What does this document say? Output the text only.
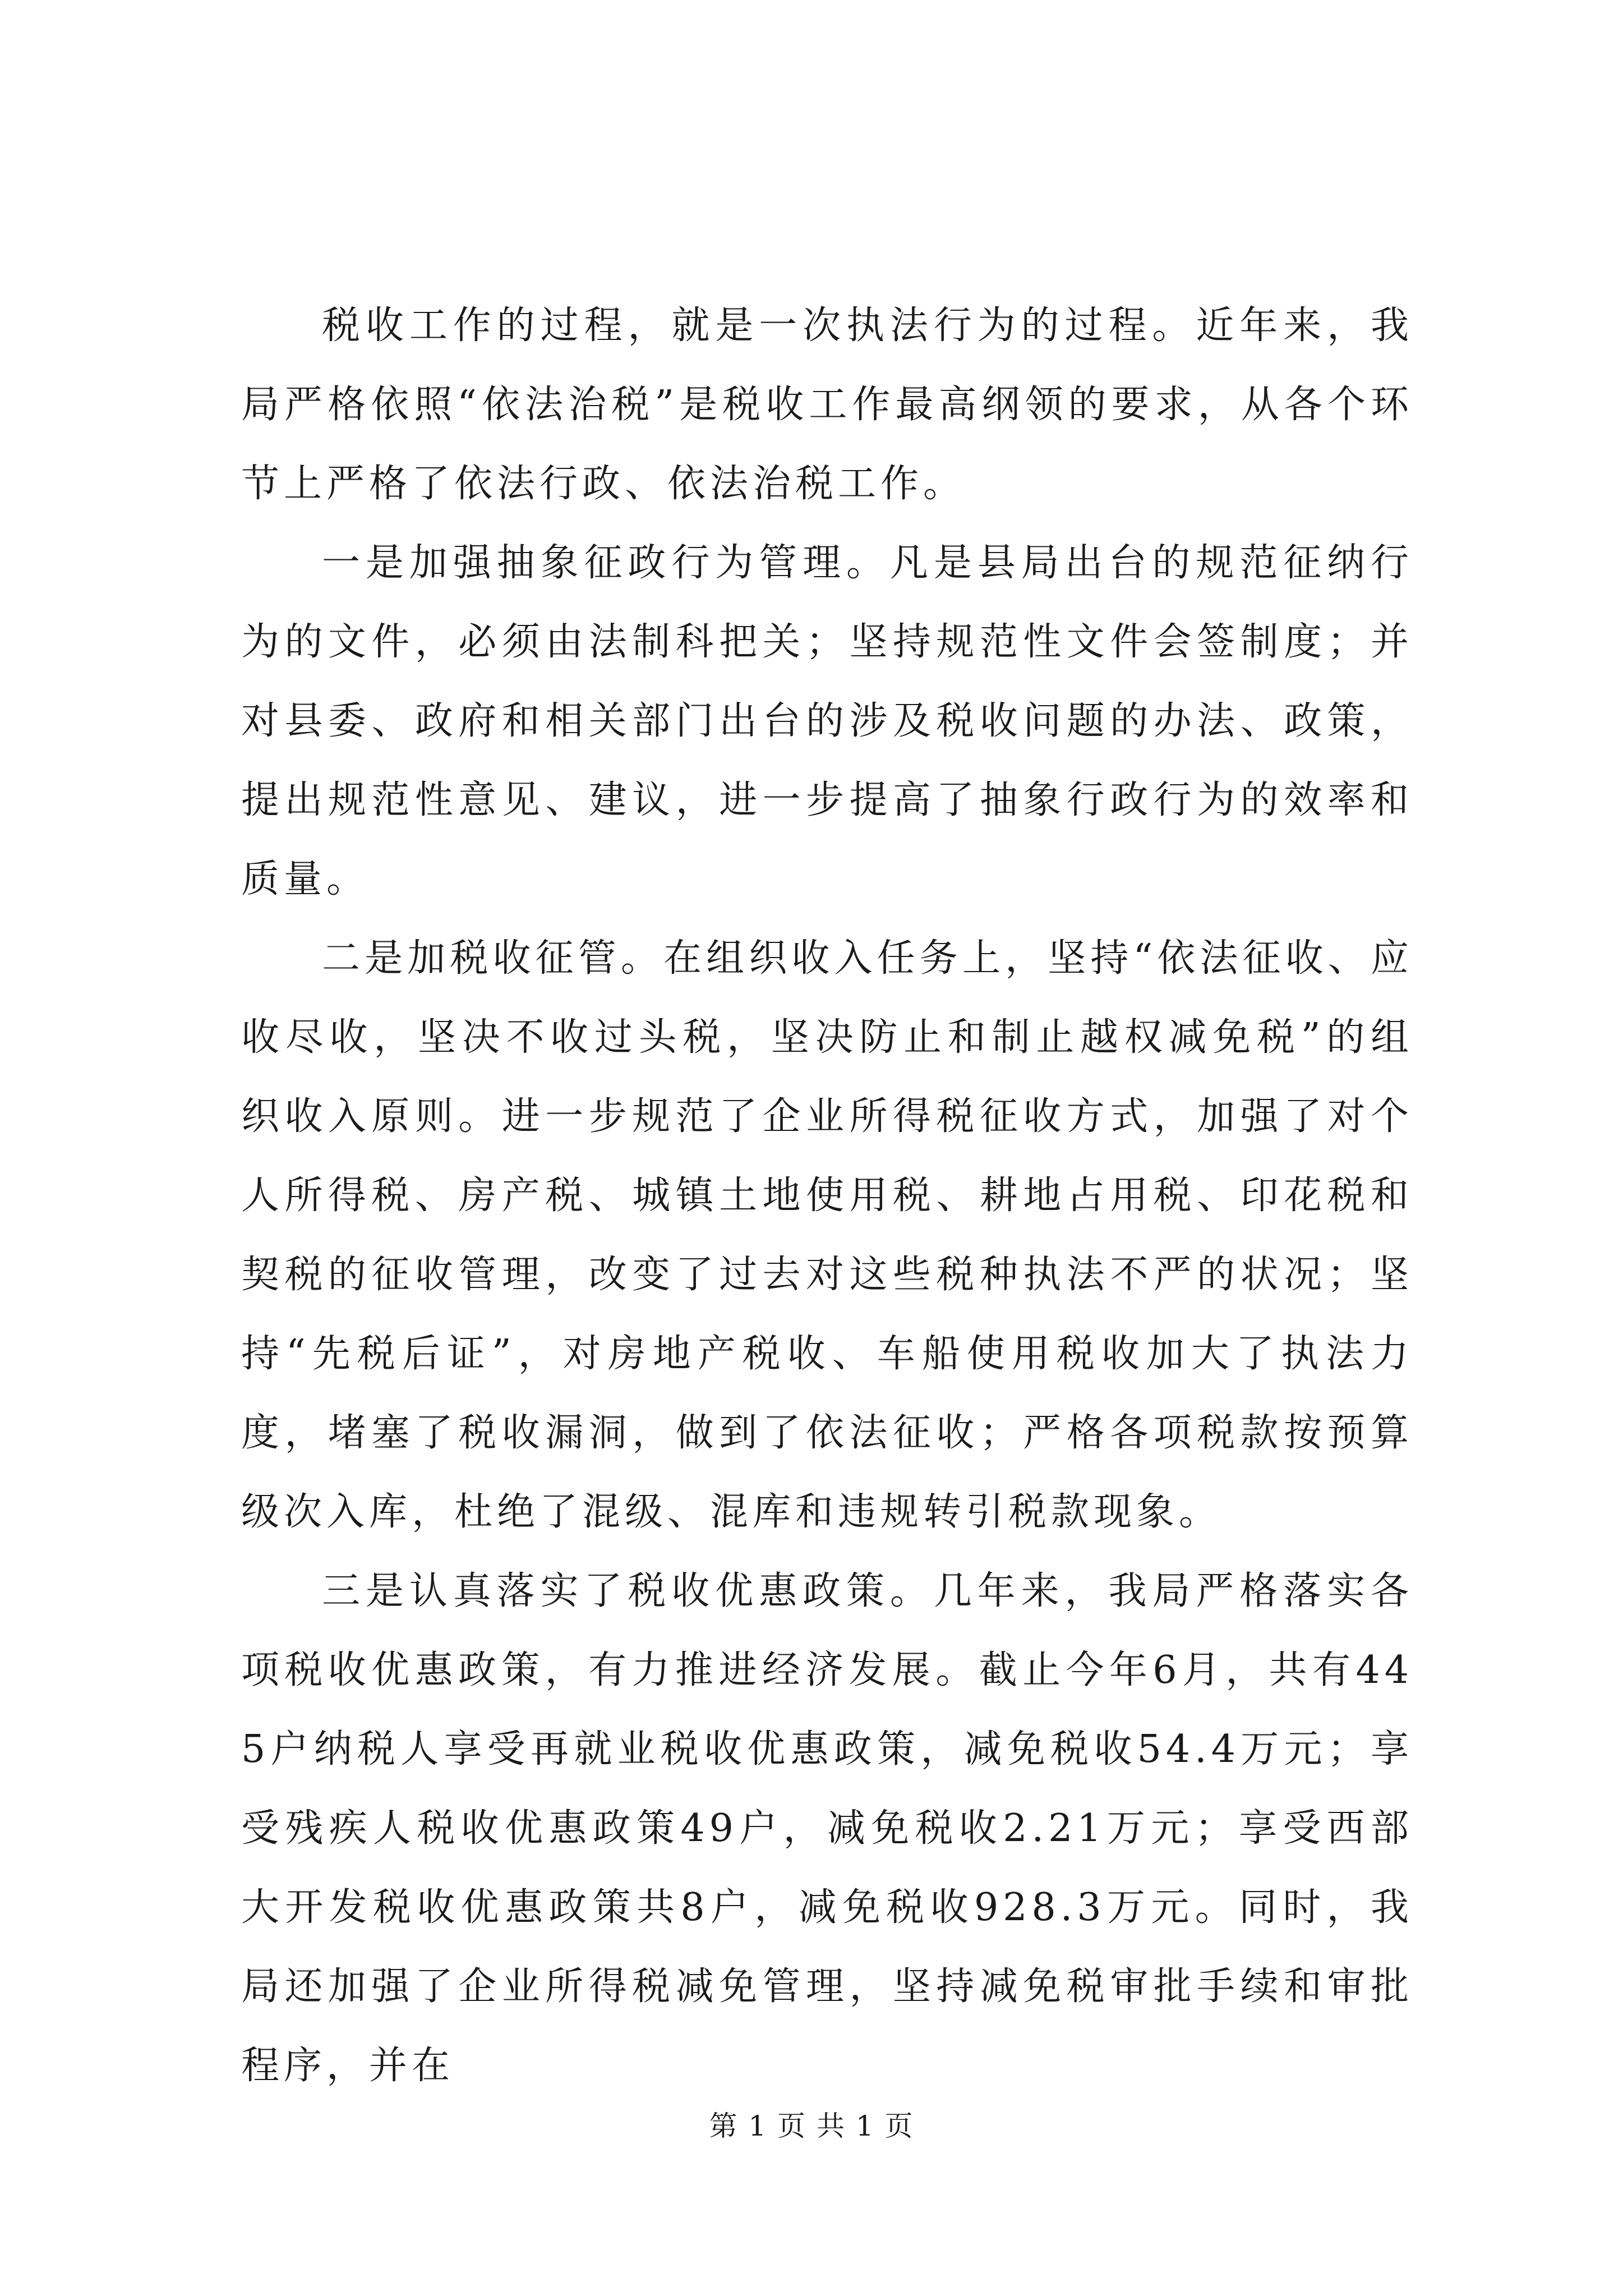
税收工作的过程，就是一次执法行为的过程。近年来，我局严格依照“依法治税”是税收工作最高纲领的要求，从各个环节上严格了依法行政、依法治税工作。

一是加强抽象征政行为管理。凡是县局出台的规范征纳行为的文件，必须由法制科把关；坚持规范性文件会签制度；并对县委、政府和相关部门出台的涉及税收问题的办法、政策，提出规范性意见、建议，进一步提高了抽象行政行为的效率和质量。

二是加税收征管。在组织收入任务上，坚持“依法征收、应收尽收，坚决不收过头税，坚决防止和制止越权减免税”的组织收入原则。进一步规范了企业所得税征收方式，加强了对个人所得税、房产税、城镇土地使用税、耕地占用税、印花税和契税的征收管理，改变了过去对这些税种执法不严的状况；坚持“先税后证”，对房地产税收、车船使用税收加大了执法力度，堵塞了税收漏洞，做到了依法征收；严格各项税款按预算级次入库，杜绝了混级、混库和违规转引税款现象。

三是认真落实了税收优惠政策。几年来，我局严格落实各项税收优惠政策，有力推进经济发展。截止今年6月，共有445户纳税人享受再就业税收优惠政策，减免税收54.4万元；享受残疾人税收优惠政策49户，减免税收2.21万元；享受西部大开发税收优惠政策共8户，减免税收928.3万元。同时，我局还加强了企业所得税减免管理，坚持减免税审批手续和审批程序，并在

第 1 页 共 1 页
